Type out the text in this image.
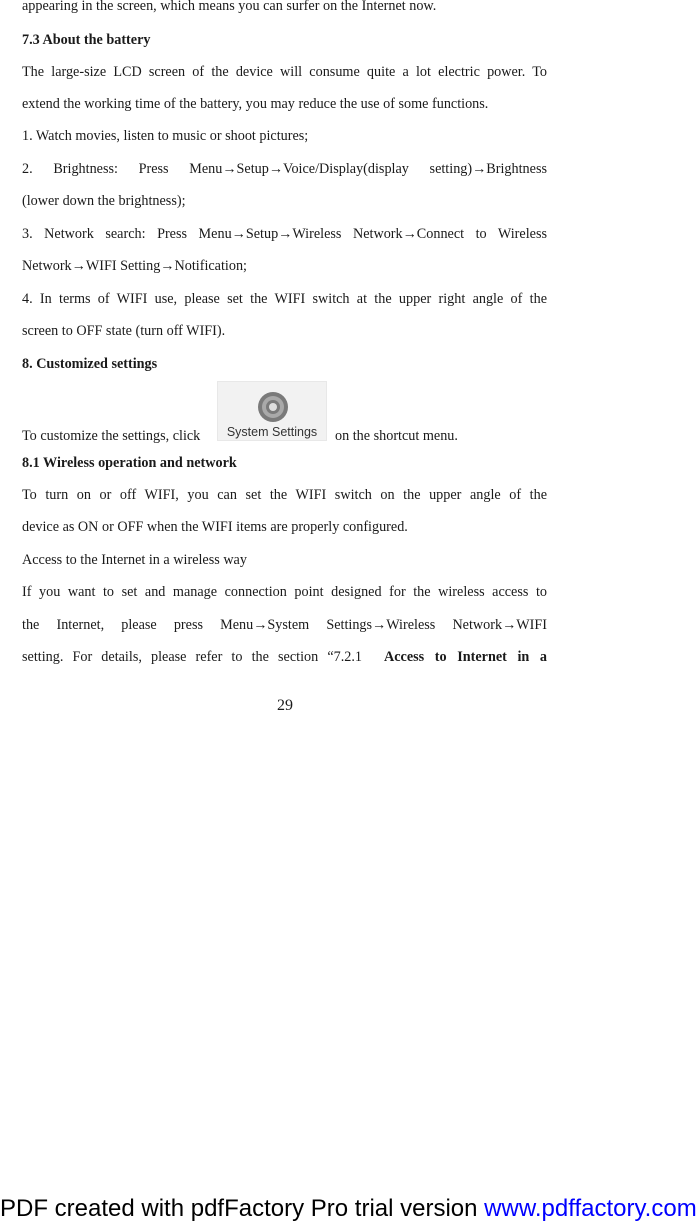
appearing in the screen, which means you can surfer on the Internet now.
7.3 About the battery
The large-size LCD screen of the device will consume quite a lot electric power. To
extend the working time of the battery, you may reduce the use of some functions.
1. Watch movies, listen to music or shoot pictures;
2. Brightness: Press Menu→Setup→Voice/Display(display setting)→Brightness
(lower down the brightness);
3. Network search: Press Menu→Setup→Wireless Network→Connect to Wireless
Network→WIFI Setting→Notification;
4. In terms of WIFI use, please set the WIFI switch at the upper right angle of the
screen to OFF state (turn off WIFI).
8. Customized settings
To customize the settings, click	System Settings	on the shortcut menu.
8.1 Wireless operation and network
To turn on or off WIFI, you can set the WIFI switch on the upper angle of the
device as ON or OFF when the WIFI items are properly configured.
Access to the Internet in a wireless way
If you want to set and manage connection point designed for the wireless access to
the Internet, please press Menu→System Settings→Wireless Network→WIFI
setting. For details, please refer to the section “7.2.1 Access to Internet in a
29
PDF created with pdfFactory Pro trial version www.pdffactory.com
